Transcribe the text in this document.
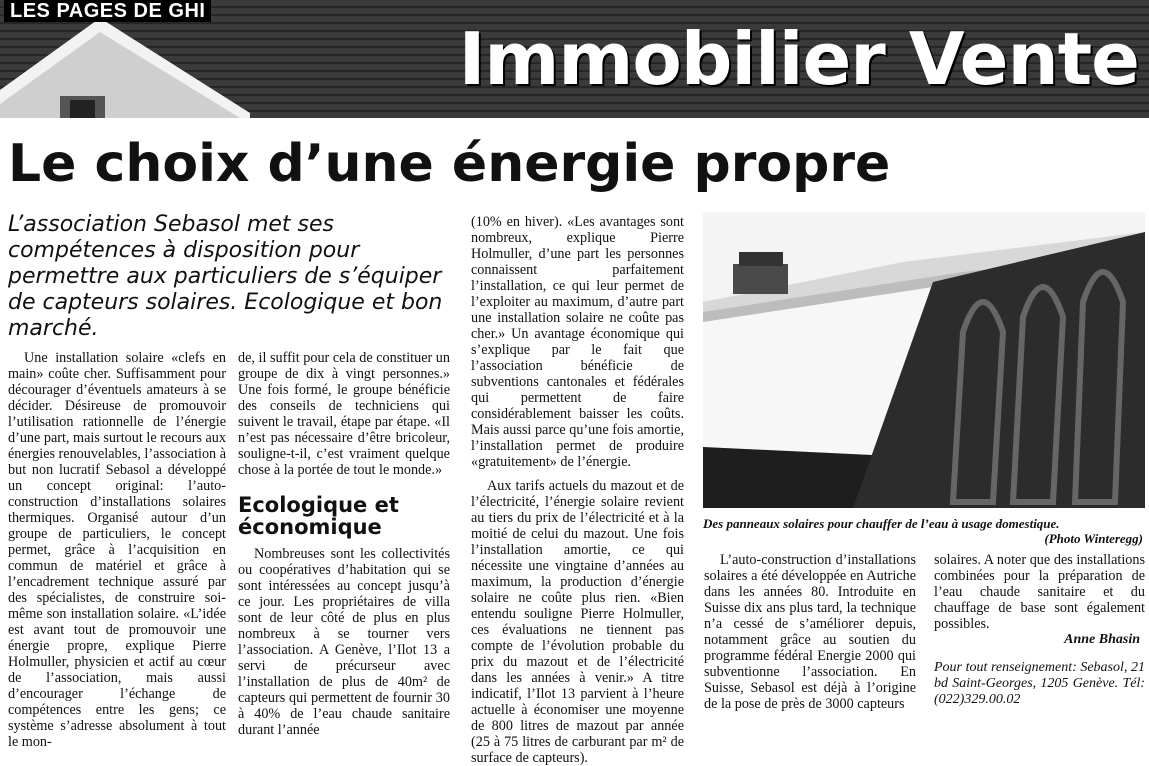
LES PAGES DE GHI
Immobilier Vente
Le choix d’une énergie propre
L’association Sebasol met ses compétences à disposition pour permettre aux particuliers de s’équiper de capteurs solaires. Ecologique et bon marché.

Une installation solaire «clefs en main» coûte cher. Suffisamment pour décourager d’éventuels amateurs à se décider. Désireuse de promouvoir l’utilisation rationnelle de l’énergie d’une part, mais surtout le recours aux énergies renouvelables, l’association à but non lucratif Sebasol a développé un concept original: l’auto-construction d’installations solaires thermiques. Organisé autour d’un groupe de particuliers, le concept permet, grâce à l’acquisition en commun de matériel et grâce à l’encadrement technique assuré par des spécialistes, de construire soi-même son installation solaire. «L’idée est avant tout de promouvoir une énergie propre, explique Pierre Holmuller, physicien et actif au cœur de l’association, mais aussi d’encourager l’échange de compétences entre les gens; ce système s’adresse absolument à tout le mon-

de, il suffit pour cela de constituer un groupe de dix à vingt personnes.» Une fois formé, le groupe bénéficie des conseils de techniciens qui suivent le travail, étape par étape. «Il n’est pas nécessaire d’être bricoleur, souligne-t-il, c’est vraiment quelque chose à la portée de tout le monde.»

Ecologique et économique

Nombreuses sont les collectivités ou coopératives d’habitation qui se sont intéressées au concept jusqu’à ce jour. Les propriétaires de villa sont de leur côté de plus en plus nombreux à se tourner vers l’association. A Genève, l’Ilot 13 a servi de précurseur avec l’installation de plus de 40m² de capteurs qui permettent de fournir 30 à 40% de l’eau chaude sanitaire durant l’année

(10% en hiver). «Les avantages sont nombreux, explique Pierre Holmuller, d’une part les personnes connaissent parfaitement l’installation, ce qui leur permet de l’exploiter au maximum, d’autre part une installation solaire ne coûte pas cher.» Un avantage économique qui s’explique par le fait que l’association bénéficie de subventions cantonales et fédérales qui permettent de faire considérablement baisser les coûts. Mais aussi parce qu’une fois amortie, l’installation permet de produire «gratuitement» de l’énergie.

Aux tarifs actuels du mazout et de l’électricité, l’énergie solaire revient au tiers du prix de l’électricité et à la moitié de celui du mazout. Une fois l’installation amortie, ce qui nécessite une vingtaine d’années au maximum, la production d’énergie solaire ne coûte plus rien. «Bien entendu souligne Pierre Holmuller, ces évaluations ne tiennent pas compte de l’évolution probable du prix du mazout et de l’électricité dans les années à venir.» A titre indicatif, l’Ilot 13 parvient à l’heure actuelle à économiser une moyenne de 800 litres de mazout par année (25 à 75 litres de carburant par m² de surface de capteurs).

Des panneaux solaires pour chauffer de l’eau à usage domestique.
(Photo Winteregg)

L’auto-construction d’installations solaires a été développée en Autriche dans les années 80. Introduite en Suisse dix ans plus tard, la technique n’a cessé de s’améliorer depuis, notamment grâce au soutien du programme fédéral Energie 2000 qui subventionne l’association. En Suisse, Sebasol est déjà à l’origine de la pose de près de 3000 capteurs

solaires. A noter que des installations combinées pour la préparation de l’eau chaude sanitaire et du chauffage de base sont également possibles.

Anne Bhasin
Pour tout renseignement: Sebasol, 21 bd Saint-Georges, 1205 Genève. Tél: (022)329.00.02
